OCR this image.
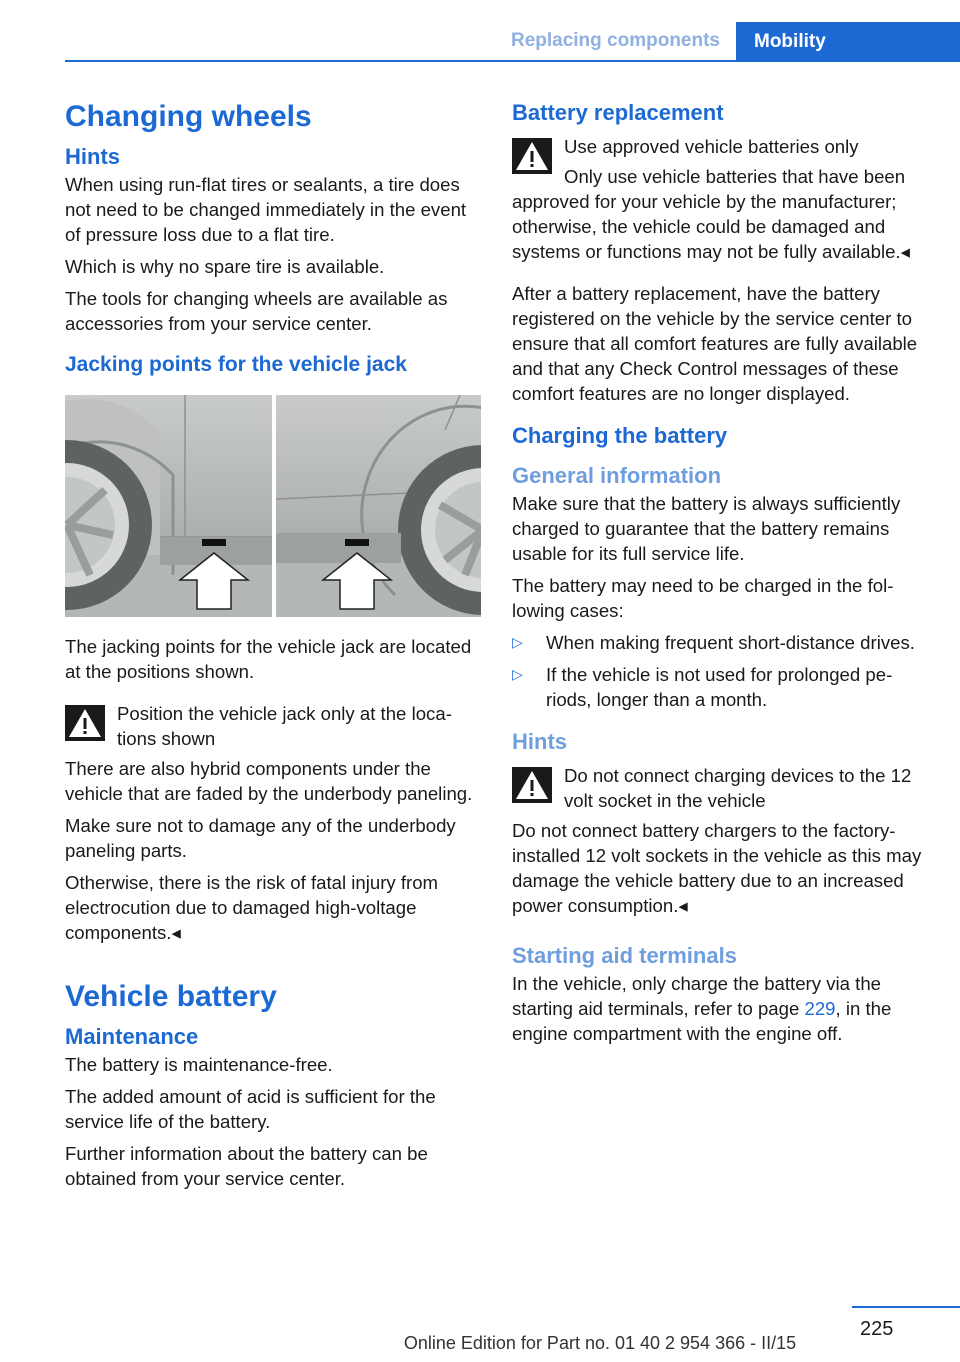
Replacing components	Mobility
Changing wheels
Hints

When using run-flat tires or sealants, a tire does not need to be changed immediately in the event of pressure loss due to a flat tire.

Which is why no spare tire is available.

The tools for changing wheels are available as accessories from your service center.

Jacking points for the vehicle jack

The jacking points for the vehicle jack are located at the positions shown.

Position the vehicle jack only at the locations shown

There are also hybrid components under the vehicle that are faded by the underbody paneling.

Make sure not to damage any of the underbody paneling parts.

Otherwise, there is the risk of fatal injury from electrocution due to damaged high-voltage components.◂

Vehicle battery
Maintenance

The battery is maintenance-free.

The added amount of acid is sufficient for the service life of the battery.

Further information about the battery can be obtained from your service center.

Battery replacement

Use approved vehicle batteries only

Only use vehicle batteries that have been approved for your vehicle by the manufacturer; otherwise, the vehicle could be damaged and systems or functions may not be fully available.◂

After a battery replacement, have the battery registered on the vehicle by the service center to ensure that all comfort features are fully available and that any Check Control messages of these comfort features are no longer displayed.

Charging the battery
General information

Make sure that the battery is always sufficiently charged to guarantee that the battery remains usable for its full service life.

The battery may need to be charged in the following cases:

▷ When making frequent short-distance drives.
▷ If the vehicle is not used for prolonged periods, longer than a month.
Hints

Do not connect charging devices to the 12 volt socket in the vehicle

Do not connect battery chargers to the factory-installed 12 volt sockets in the vehicle as this may damage the vehicle battery due to an increased power consumption.◂

Starting aid terminals

In the vehicle, only charge the battery via the starting aid terminals, refer to page 229, in the engine compartment with the engine off.

225
Online Edition for Part no. 01 40 2 954 366 - II/15
